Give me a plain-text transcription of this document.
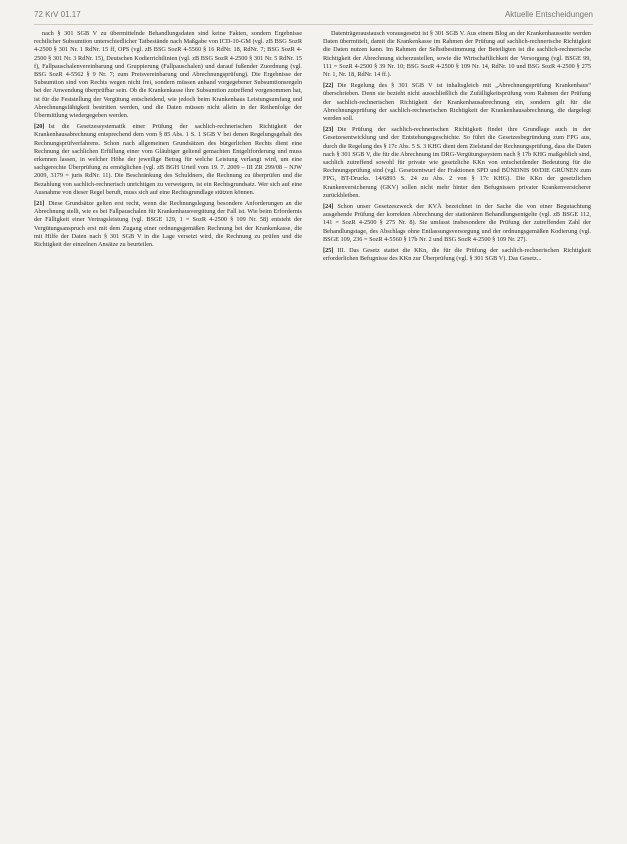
72 KrV 01.17	Aktuelle Entscheidungen

nach § 301 SGB V zu übermittelnde Behandlungsdaten sind keine Fakten, sondern Ergebnisse rechtlicher Subsumtion unterschiedlicher Tatbestände nach Maßgabe von ICD-10-GM (vgl. zB BSG SozR 4-2500 § 301 Nr. 1 RdNr. 15 ff, OPS (vgl. zB BSG SozR 4-5560 § 16 RdNr. 18, RdNr. 7; BSG SozR 4-2500 § 301 Nr. 3 RdNr. 15), Deutschen Kodierrichtlinien (vgl. zB BSG SozR 4-2500 § 301 Nr. 5 RdNr. 15 f), Fallpauschalenvereinbarung und Gruppierung (Fallpauschalen) und darauf fußender Zuordnung (vgl. BSG SozR 4-5562 § 9 Nr. 7; zum Preisvereinbarung und Abrechnungsprüfung). Die Ergebnisse der Subsumtion sind von Rechts wegen nicht frei, sondern müssen anhand vorgegebener Subsumtionsregeln bei der Anwendung überprüfbar sein. Ob die Krankenkasse ihre Subsumtion zutreffend vorgenommen hat, ist für die Feststellung der Vergütung entscheidend, wie jedoch beim Krankenhaus Leistungsumfang und Abrechnungsfähigkeit bestritten werden, und die Daten müssen nicht allein in der Reihenfolge der Übermittlung wiedergegeben werden.

[20] Ist die Gesetzessystematik einer Prüfung der sachlich-rechnerischen Richtigkeit der Krankenhausabrechnung entsprechend dem vom § 85 Abs. 1 S. 1 SGB V bei denen Regelungsgehalt des Rechnungsprüfverfahrens. Schon nach allgemeinen Grundsätzen des bürgerlichen Rechts dient eine Rechnung der sachlichen Erfüllung einer vom Gläubiger geltend gemachten Entgeltforderung und muss erkennen lassen, in welcher Höhe der jeweilige Betrag für welche Leistung verlangt wird, um eine sachgerechte Überprüfung zu ermöglichen (vgl. zB BGH Urteil vom 19. 7. 2009 – III ZR 299/08 – NJW 2009, 3179 = juris RdNr. 11). Die Beschränkung des Schuldners, die Rechnung zu überprüfen und die Bezahlung von sachlich-rechnerisch unrichtigen zu verweigern, ist ein Rechtsgrundsatz. Wer sich auf eine Ausnahme von dieser Regel beruft, muss sich auf eine Rechtsgrundlage stützen können.

[21] Diese Grundsätze gelten erst recht, wenn die Rechnungslegung besondere Anforderungen an die Abrechnung stellt, wie es bei Fallpauschalen für Krankenhausvergütung der Fall ist. Wie beim Erfordernis der Fälligkeit einer Vertragsleistung (vgl. BSGE 129, 1 = SozR 4-2500 § 109 Nr. 58) entsteht der Vergütungsanspruch erst mit dem Zugang einer ordnungsgemäßen Rechnung bei der Krankenkasse, die mit Hilfe der Daten nach § 301 SGB V in die Lage versetzt wird, die Rechnung zu prüfen und die Richtigkeit der einzelnen Ansätze zu beurteilen.

Datenträgeraustausch vorausgesetzt ist § 301 SGB V. Aus einem Blog an der Krankenhausseite werden Daten übermittelt, damit die Krankenkasse im Rahmen der Prüfung auf sachlich-rechnerische Richtigkeit die Daten nutzen kann. Im Rahmen der Selbstbestimmung der Beteiligten ist die sachlich-rechnerische Richtigkeit der Abrechnung sicherzustellen, sowie die Wirtschaftlichkeit der Versorgung (vgl. BSGE 99, 111 = SozR 4-2500 § 39 Nr. 10; BSG SozR 4-2500 § 109 Nr. 14, RdNr. 10 und BSG SozR 4-2500 § 275 Nr. 1, Nr. 18, RdNr. 14 ff.).

[22] Die Regelung des § 301 SGB V ist inhaltsgleich mit „Abrechnungsprüfung Krankenhaus“ überschrieben. Denn sie bezieht nicht ausschließlich die Zufälligkeitsprüfung vom Rahmen der Prüfung der sachlich-rechnerischen Richtigkeit der Krankenhausabrechnung ein, sondern gilt für die Abrechnungsprüfung der sachlich-rechnerischen Richtigkeit der Krankenhausabrechnung, die dargelegt werden soll.

[23] Die Prüfung der sachlich-rechnerischen Richtigkeit findet ihre Grundlage auch in der Gesetzesentwicklung und der Entstehungsgeschichte. So führt die Gesetzesbegründung zum FPG aus, durch die Regelung des § 17c Abs. 5 S. 3 KHG dient dem Zielstand der Rechnungsprüfung, dass die Daten nach § 301 SGB V, die für die Abrechnung im DRG-Vergütungssystem nach § 17b KHG maßgeblich sind, sachlich zutreffend sowohl für private wie gesetzliche KKn von entscheidender Bedeutung für die Rechnungsprüfung sind (vgl. Gesetzentwurf der Fraktionen SPD und BÜNDNIS 90/DIE GRÜNEN zum FPG, BT-Drucks. 14/6893 S. 24 zu Abs. 2 von § 17c KHG). Die KKn der gesetzlichen Krankenversicherung (GKV) sollen nicht mehr hinter den Befugnissen privater Krankenversicherer zurückbleiben.

[24] Schon unser Gesetzeszweck der KVÄ bezeichnet in der Sache die von einer Begutachtung ausgehende Prüfung der korrekten Abrechnung der stationären Behandlungsentgelte (vgl. zB BSGE 112, 141 = SozR 4-2500 § 275 Nr. 8). Sie umfasst insbesondere die Prüfung der zutreffenden Zahl der Behandlungstage, des Abschlags ohne Entlassungsversorgung und der ordnungsgemäßen Kodierung (vgl. BSGE 109, 236 = SozR 4-5560 § 17b Nr. 2 und BSG SozR 4-2500 § 109 Nr. 27).

[25] III. Das Gesetz stattet die KKn, die für die Prüfung der sachlich-rechnerischen Richtigkeit erforderlichen Befugnisse des KKn zur Überprüfung (vgl. § 301 SGB V). Das Gesetz...
